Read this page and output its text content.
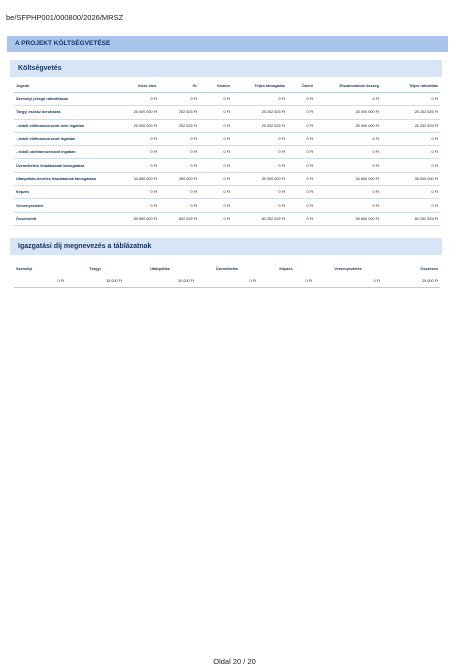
be/SFPHP001/000800/2026/MRSZ
A PROJEKT KÖLTSÉGVETÉSE
Költségvetés
Jogcím	Közv. tám.	I%	Közmn	Teljes támogatás	Önerő	Elszámolandó összeg	Teljes ráfordítás
Személyi jellegű ráfordítások	0 Ft	0 Ft	0 Ft	0 Ft	0 Ft	0 Ft	0 Ft
Tárgyi eszköz beruházás	25 000 000 Ft	252 525 Ft	0 Ft	25 252 525 Ft	0 Ft	25 000 000 Ft	25 252 525 Ft
- ebből előfinanszírozott nem ingatlan	25 000 000 Ft	252 525 Ft	0 Ft	25 252 525 Ft	0 Ft	25 000 000 Ft	25 252 525 Ft
- ebből előfinanszírozott ingatlan	0 Ft	0 Ft	0 Ft	0 Ft	0 Ft	0 Ft	0 Ft
- ebből utófinanszírozott ingatlan	0 Ft	0 Ft	0 Ft	0 Ft	0 Ft	0 Ft	0 Ft
Üzemeltetési feladatainak támogatása	0 Ft	0 Ft	0 Ft	0 Ft	0 Ft	0 Ft	0 Ft
Utánpótlás-nevelés feladatainak támogatása	34 650 000 Ft	350 000 Ft	0 Ft	35 000 000 Ft	0 Ft	34 650 000 Ft	35 000 000 Ft
Képzés	0 Ft	0 Ft	0 Ft	0 Ft	0 Ft	0 Ft	0 Ft
Versenyeztetés	0 Ft	0 Ft	0 Ft	0 Ft	0 Ft	0 Ft	0 Ft
Összesített	59 650 000 Ft	602 525 Ft	0 Ft	60 252 525 Ft	0 Ft	59 650 000 Ft	60 252 525 Ft
Igazgatási díj megnevezés a táblázatnak
Személyi	Tárgyi	Utánpótlás	Üzemeltetés	Képzés	Versenyeztetés	Összesen
0 Ft	15 000 Ft	10 000 Ft	0 Ft	0 Ft	0 Ft	25 000 Ft
Oldal 20 / 20
